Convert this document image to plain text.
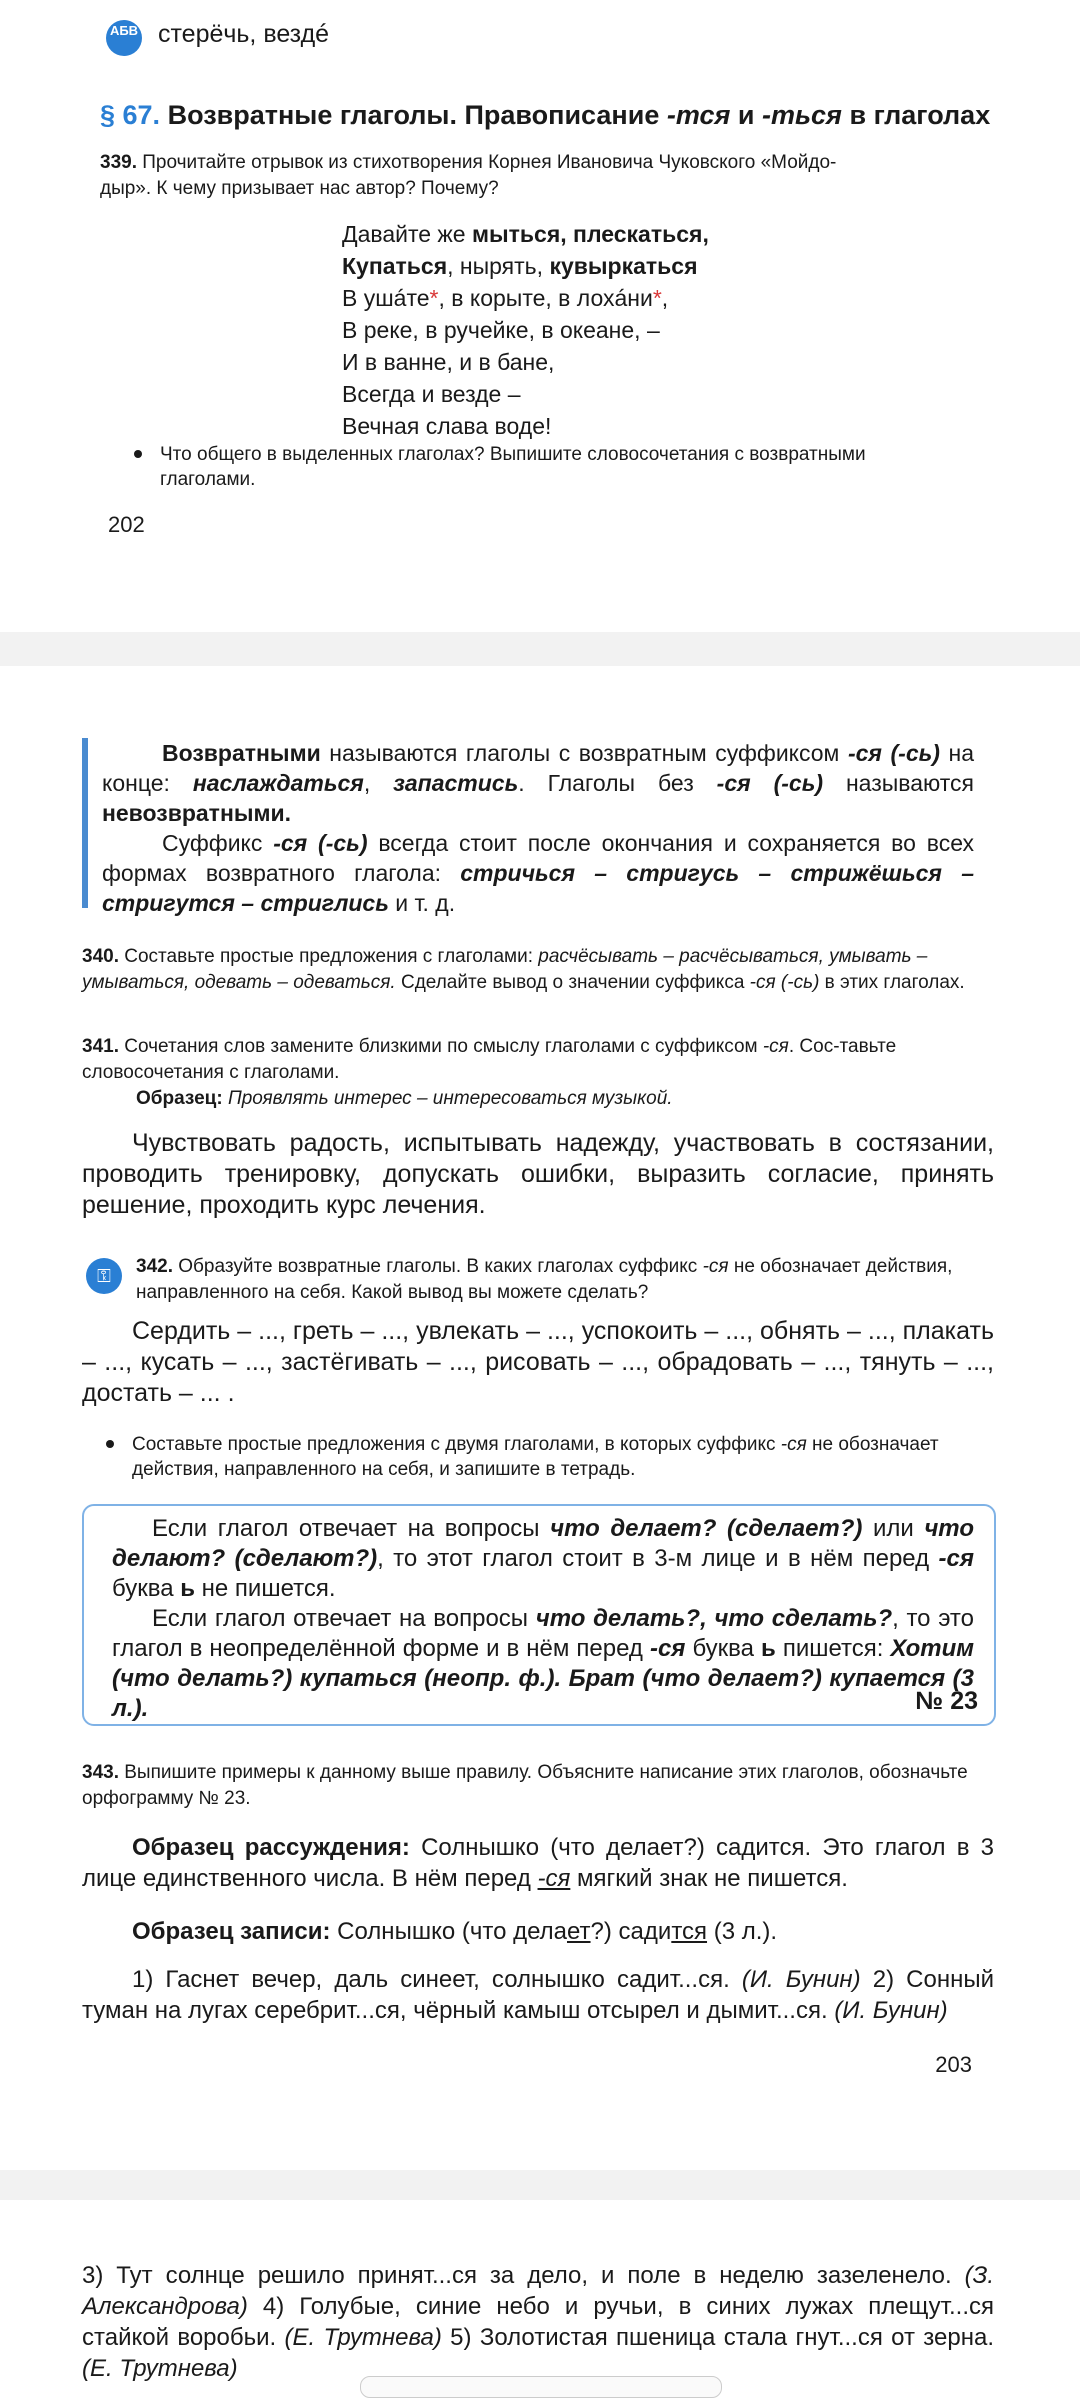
АБВ стерёчь, вездé
§ 67. Возвратные глаголы. Правописание -тся и -ться в глаголах
339. Прочитайте отрывок из стихотворения Корнея Ивановича Чуковского «Мойдо-
дыр». К чему призывает нас автор? Почему?
Давайте же мыться, плескаться,
Купаться, нырять, кувыркаться
В ушáте*, в корыте, в лохáни*,
В реке, в ручейке, в океане, –
И в ванне, и в бане,
Всегда и везде –
Вечная слава воде!
Что общего в выделенных глаголах? Выпишите словосочетания с возвратными
глаголами.
202

Возвратными называются глаголы с возвратным суффиксом -ся (-сь) на конце: наслаждаться, запастись. Глаголы без -ся (-сь) называются невозвратными.

Суффикс -ся (-сь) всегда стоит после окончания и сохраняется во всех формах возвратного глагола: стричься – стригусь – стрижёшься – стригутся – стриглись и т. д.

340. Составьте простые предложения с глаголами: расчёсывать – расчёсываться, умывать – умываться, одевать – одеваться. Сделайте вывод о значении суффикса -ся (-сь) в этих глаголах.
341. Сочетания слов замените близкими по смыслу глаголами с суффиксом -ся. Сос-тавьте словосочетания с глаголами.
Образец: Проявлять интерес – интересоваться музыкой.

Чувствовать радость, испытывать надежду, участвовать в состязании, проводить тренировку, допускать ошибки, выразить согласие, принять решение, проходить курс лечения.

⚿	342. Образуйте возвратные глаголы. В каких глаголах суффикс -ся не обозначает действия, направленного на себя. Какой вывод вы можете сделать?

Сердить – ..., греть – ..., увлекать – ..., успокоить – ..., обнять – ..., плакать – ..., кусать – ..., застёгивать – ..., рисовать – ..., обрадовать – ..., тянуть – ..., достать – ... .

Составьте простые предложения с двумя глаголами, в которых суффикс -ся не обозначает действия, направленного на себя, и запишите в тетрадь.

Если глагол отвечает на вопросы что делает? (сделает?) или что делают? (сделают?), то этот глагол стоит в 3-м лице и в нём перед -ся буква ь не пишется.

Если глагол отвечает на вопросы что делать?, что сделать?, то это глагол в неопределённой форме и в нём перед -ся буква ь пишется: Хотим (что делать?) купаться (неопр. ф.). Брат (что делает?) купается (3 л.).	№ 23
343. Выпишите примеры к данному выше правилу. Объясните написание этих глаголов, обозначьте орфограмму № 23.

Образец рассуждения: Солнышко (что делает?) садится. Это глагол в 3 лице единственного числа. В нём перед -ся мягкий знак не пишется.

Образец записи: Солнышко (что делает?) садится (3 л.).

1) Гаснет вечер, даль синеет, солнышко садит...ся. (И. Бунин) 2) Сонный туман на лугах серебрит...ся, чёрный камыш отсырел и дымит...ся. (И. Бунин)

203

3) Тут солнце решило принят...ся за дело, и поле в неделю зазеленело. (З. Александрова) 4) Голубые, синие небо и ручьи, в синих лужах плещут...ся стайкой воробьи. (Е. Трутнева) 5) Золотистая пшеница стала гнут...ся от зерна. (Е. Трутнева)
